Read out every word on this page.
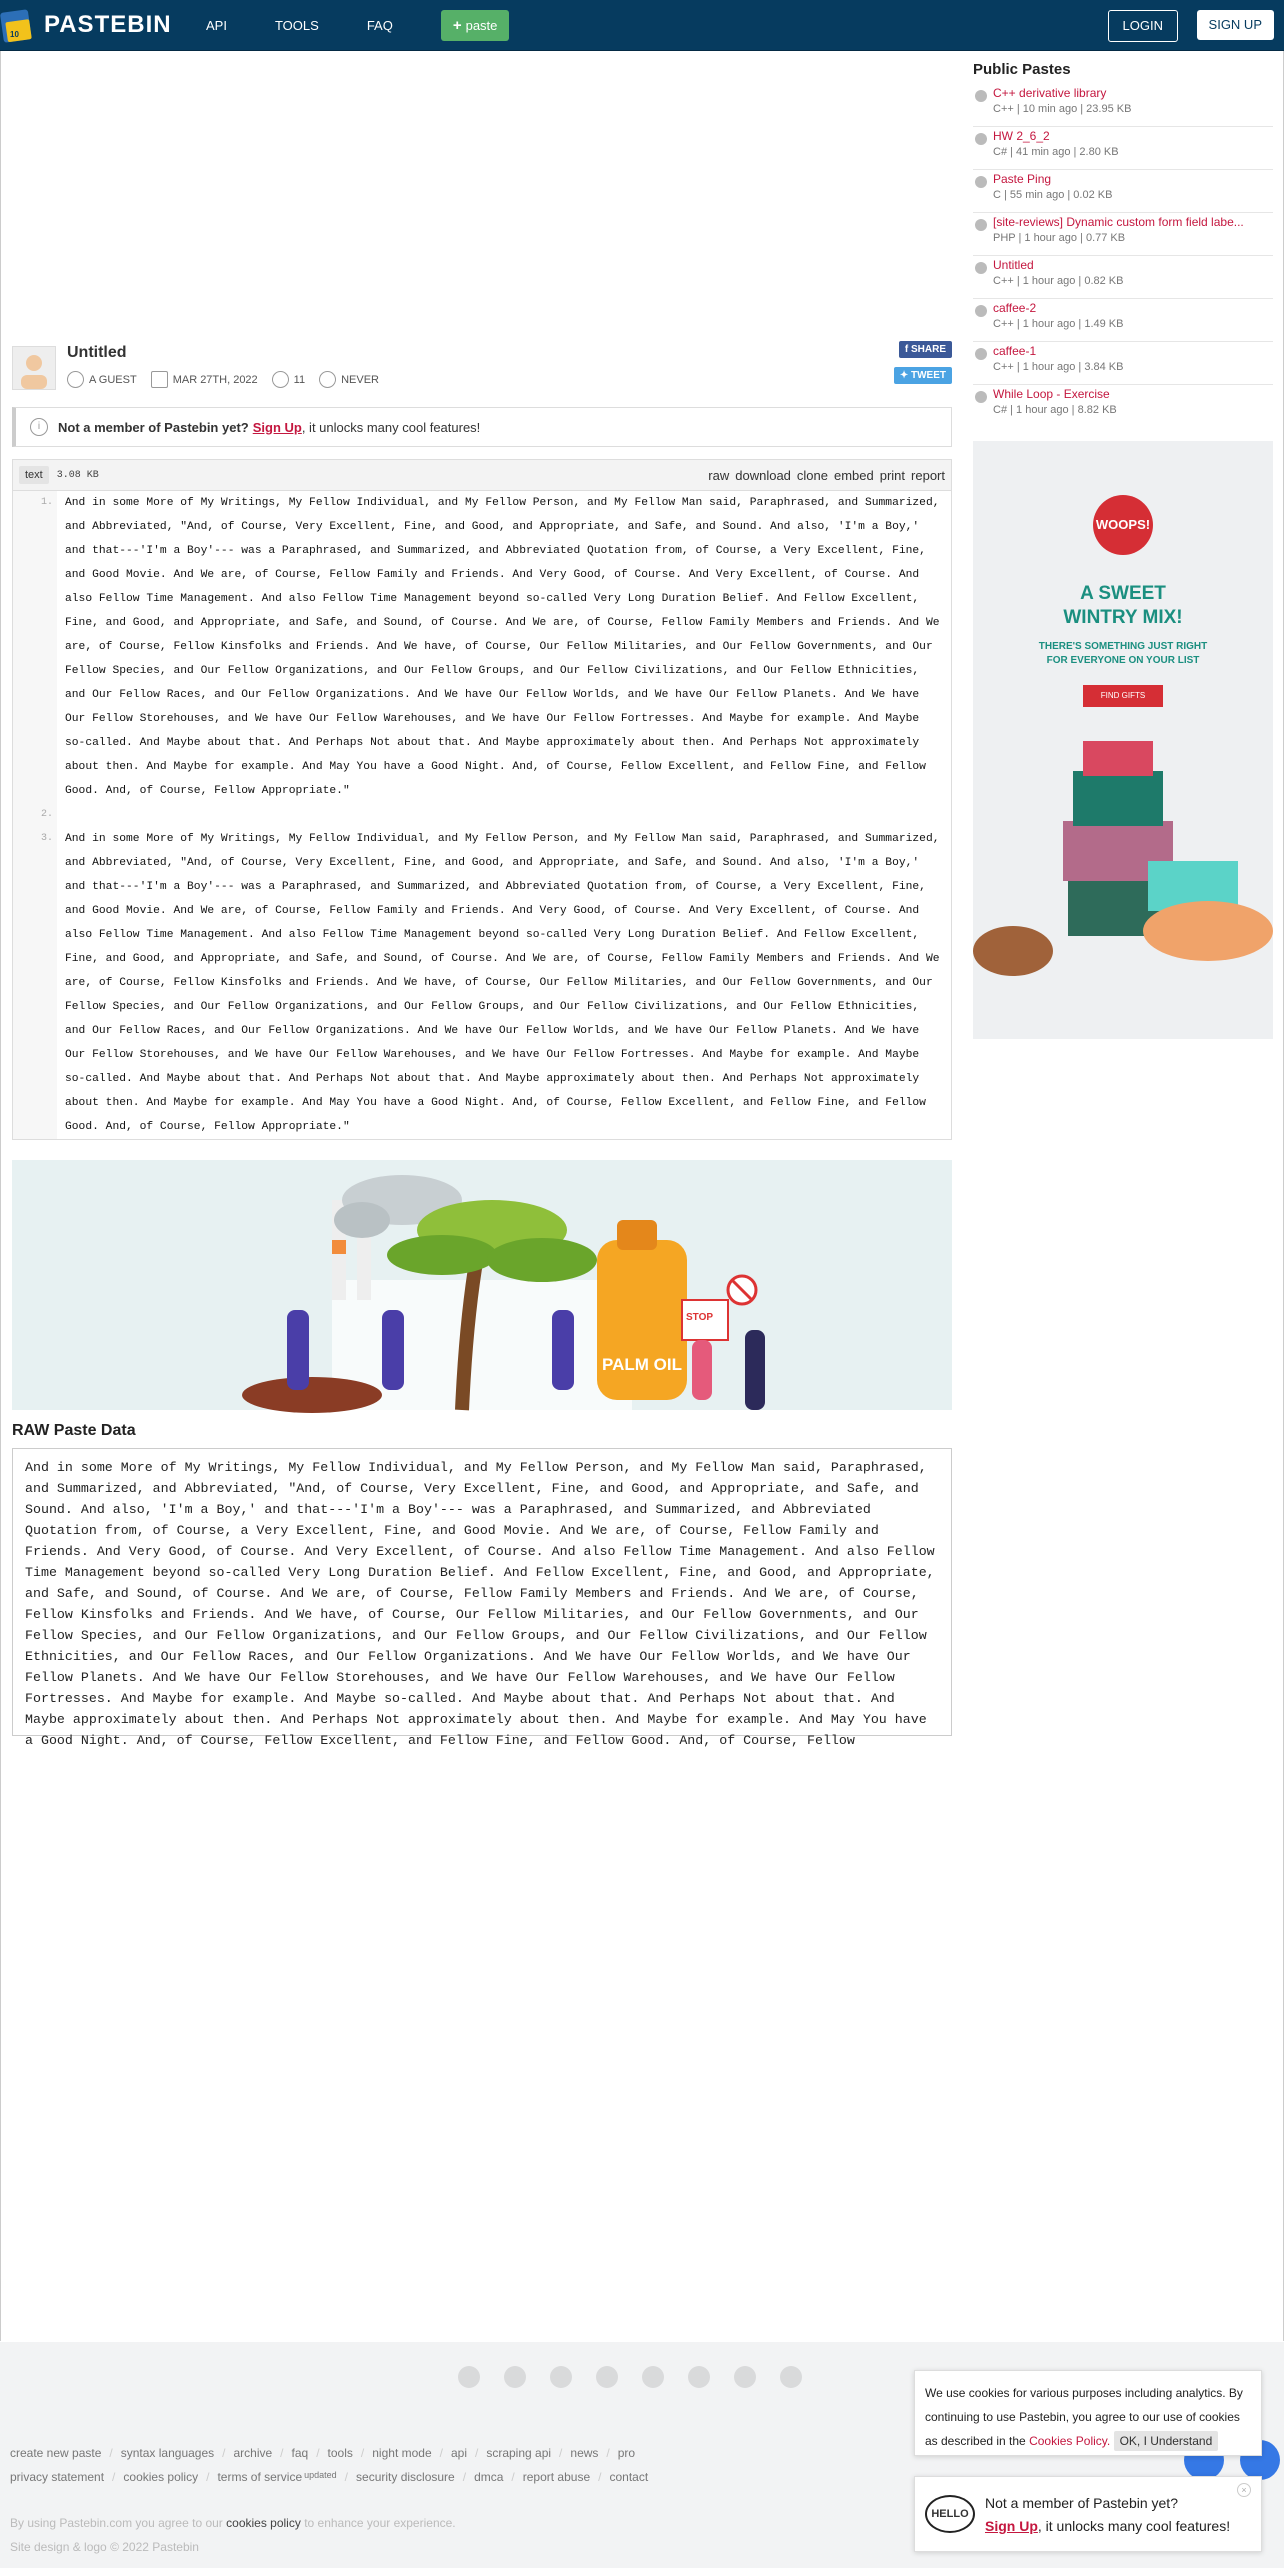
10 PASTEBIN	API	TOOLS	FAQ	+ paste	LOGIN	SIGN UP
Untitled
A GUEST	MAR 27TH, 2022	11	NEVER
f SHARE
✦ TWEET
i	Not a member of Pastebin yet? Sign Up , it unlocks many cool features!
text	3.08 KB	raw download clone embed print report
1.	And in some More of My Writings, My Fellow Individual, and My Fellow Person, and My Fellow Man said, Paraphrased, and Summarized, and Abbreviated, "And, of Course, Very Excellent, Fine, and Good, and Appropriate, and Safe, and Sound. And also, 'I'm a Boy,' and that---'I'm a Boy'--- was a Paraphrased, and Summarized, and Abbreviated Quotation from, of Course, a Very Excellent, Fine, and Good Movie. And We are, of Course, Fellow Family and Friends. And Very Good, of Course. And Very Excellent, of Course. And also Fellow Time Management. And also Fellow Time Management beyond so-called Very Long Duration Belief. And Fellow Excellent, Fine, and Good, and Appropriate, and Safe, and Sound, of Course. And We are, of Course, Fellow Family Members and Friends. And We are, of Course, Fellow Kinsfolks and Friends. And We have, of Course, Our Fellow Militaries, and Our Fellow Governments, and Our Fellow Species, and Our Fellow Organizations, and Our Fellow Groups, and Our Fellow Civilizations, and Our Fellow Ethnicities, and Our Fellow Races, and Our Fellow Organizations. And We have Our Fellow Worlds, and We have Our Fellow Planets. And We have Our Fellow Storehouses, and We have Our Fellow Warehouses, and We have Our Fellow Fortresses. And Maybe for example. And Maybe so-called. And Maybe about that. And Perhaps Not about that. And Maybe approximately about then. And Perhaps Not approximately about then. And Maybe for example. And May You have a Good Night. And, of Course, Fellow Excellent, and Fellow Fine, and Fellow Good. And, of Course, Fellow Appropriate."
2.
3.	And in some More of My Writings, My Fellow Individual, and My Fellow Person, and My Fellow Man said, Paraphrased, and Summarized, and Abbreviated, "And, of Course, Very Excellent, Fine, and Good, and Appropriate, and Safe, and Sound. And also, 'I'm a Boy,' and that---'I'm a Boy'--- was a Paraphrased, and Summarized, and Abbreviated Quotation from, of Course, a Very Excellent, Fine, and Good Movie. And We are, of Course, Fellow Family and Friends. And Very Good, of Course. And Very Excellent, of Course. And also Fellow Time Management. And also Fellow Time Management beyond so-called Very Long Duration Belief. And Fellow Excellent, Fine, and Good, and Appropriate, and Safe, and Sound, of Course. And We are, of Course, Fellow Family Members and Friends. And We are, of Course, Fellow Kinsfolks and Friends. And We have, of Course, Our Fellow Militaries, and Our Fellow Governments, and Our Fellow Species, and Our Fellow Organizations, and Our Fellow Groups, and Our Fellow Civilizations, and Our Fellow Ethnicities, and Our Fellow Races, and Our Fellow Organizations. And We have Our Fellow Worlds, and We have Our Fellow Planets. And We have Our Fellow Storehouses, and We have Our Fellow Warehouses, and We have Our Fellow Fortresses. And Maybe for example. And Maybe so-called. And Maybe about that. And Perhaps Not about that. And Maybe approximately about then. And Perhaps Not approximately about then. And Maybe for example. And May You have a Good Night. And, of Course, Fellow Excellent, and Fellow Fine, and Fellow Good. And, of Course, Fellow Appropriate."
PALM OIL
STOP
RAW Paste Data
And in some More of My Writings, My Fellow Individual, and My Fellow Person, and My Fellow Man said, Paraphrased, and Summarized, and Abbreviated, "And, of Course, Very Excellent, Fine, and Good, and Appropriate, and Safe, and Sound. And also, 'I'm a Boy,' and that---'I'm a Boy'--- was a Paraphrased, and Summarized, and Abbreviated Quotation from, of Course, a Very Excellent, Fine, and Good Movie. And We are, of Course, Fellow Family and Friends. And Very Good, of Course. And Very Excellent, of Course. And also Fellow Time Management. And also Fellow Time Management beyond so-called Very Long Duration Belief. And Fellow Excellent, Fine, and Good, and Appropriate, and Safe, and Sound, of Course. And We are, of Course, Fellow Family Members and Friends. And We are, of Course, Fellow Kinsfolks and Friends. And We have, of Course, Our Fellow Militaries, and Our Fellow Governments, and Our Fellow Species, and Our Fellow Organizations, and Our Fellow Groups, and Our Fellow Civilizations, and Our Fellow Ethnicities, and Our Fellow Races, and Our Fellow Organizations. And We have Our Fellow Worlds, and We have Our Fellow Planets. And We have Our Fellow Storehouses, and We have Our Fellow Warehouses, and We have Our Fellow Fortresses. And Maybe for example. And Maybe so-called. And Maybe about that. And Perhaps Not about that. And Maybe approximately about then. And Perhaps Not approximately about then. And Maybe for example. And May You have a Good Night. And, of Course, Fellow Excellent, and Fellow Fine, and Fellow Good. And, of Course, Fellow
Public Pastes
C++ derivative library
C++ | 10 min ago | 23.95 KB
HW 2_6_2
C# | 41 min ago | 2.80 KB
Paste Ping
C | 55 min ago | 0.02 KB
[site-reviews] Dynamic custom form field labe...
PHP | 1 hour ago | 0.77 KB
Untitled
C++ | 1 hour ago | 0.82 KB
caffee-2
C++ | 1 hour ago | 1.49 KB
caffee-1
C++ | 1 hour ago | 3.84 KB
While Loop - Exercise
C# | 1 hour ago | 8.82 KB
WOOPS!
A SWEET
WINTRY MIX!
THERE'S SOMETHING JUST RIGHT
FOR EVERYONE ON YOUR LIST
FIND GIFTS
create new paste / syntax languages / archive / faq / tools / night mode / api / scraping api / news / pro
privacy statement / cookies policy / terms of service updated / security disclosure / dmca / report abuse / contact
By using Pastebin.com you agree to our cookies policy to enhance your experience.
Site design & logo © 2022 Pastebin
We use cookies for various purposes including analytics. By
continuing to use Pastebin, you agree to our use of cookies
as described in the Cookies Policy. OK, I Understand
HELLO
Not a member of Pastebin yet?
Sign Up, it unlocks many cool features!
×
